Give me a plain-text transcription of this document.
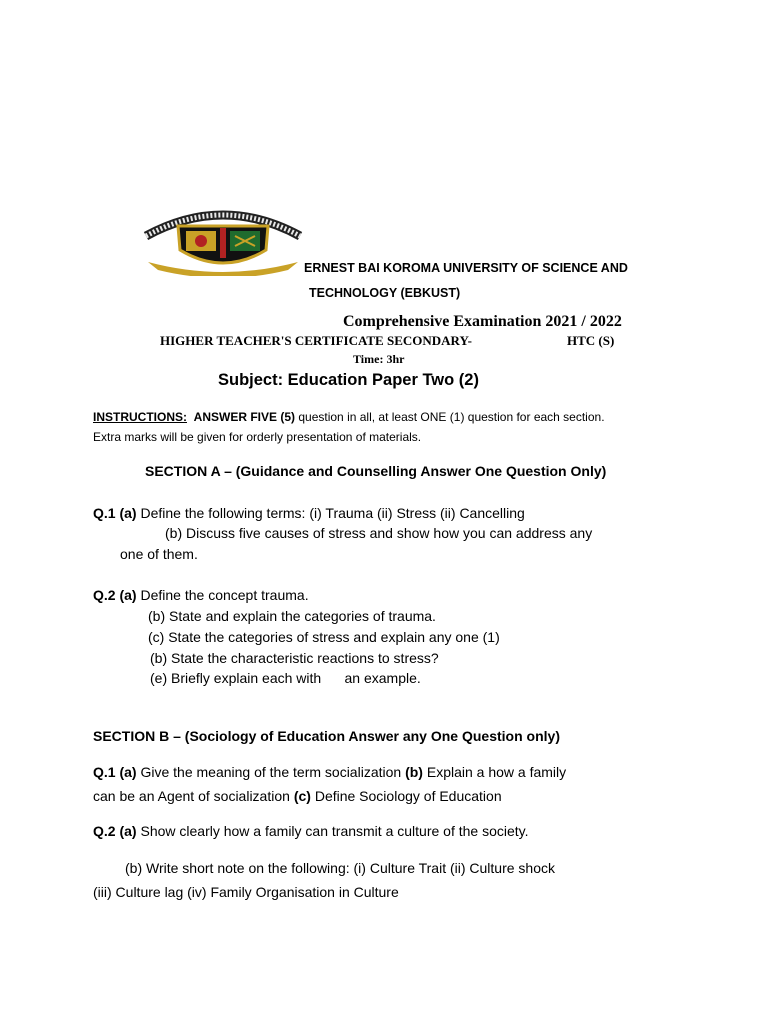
ERNEST BAI KOROMA UNIVERSITY OF SCIENCE AND
TECHNOLOGY (EBKUST)
Comprehensive Examination 2021 / 2022
HIGHER TEACHER'S CERTIFICATE SECONDARY-	HTC (S)
Time: 3hr
Subject: Education Paper Two (2)
INSTRUCTIONS: ANSWER FIVE (5) question in all, at least ONE (1) question for each section.
Extra marks will be given for orderly presentation of materials.
SECTION A – (Guidance and Counselling Answer One Question Only)
Q.1 (a) Define the following terms: (i) Trauma (ii) Stress (ii) Cancelling
(b) Discuss five causes of stress and show how you can address any
one of them.
Q.2 (a) Define the concept trauma.
(b) State and explain the categories of trauma.
(c) State the categories of stress and explain any one (1)
(b) State the characteristic reactions to stress?
(e) Briefly explain each with      an example.
SECTION B – (Sociology of Education Answer any One Question only)
Q.1 (a) Give the meaning of the term socialization (b) Explain a how a family
can be an Agent of socialization (c) Define Sociology of Education
Q.2 (a) Show clearly how a family can transmit a culture of the society.
(b) Write short note on the following: (i) Culture Trait (ii) Culture shock
(iii) Culture lag (iv) Family Organisation in Culture
